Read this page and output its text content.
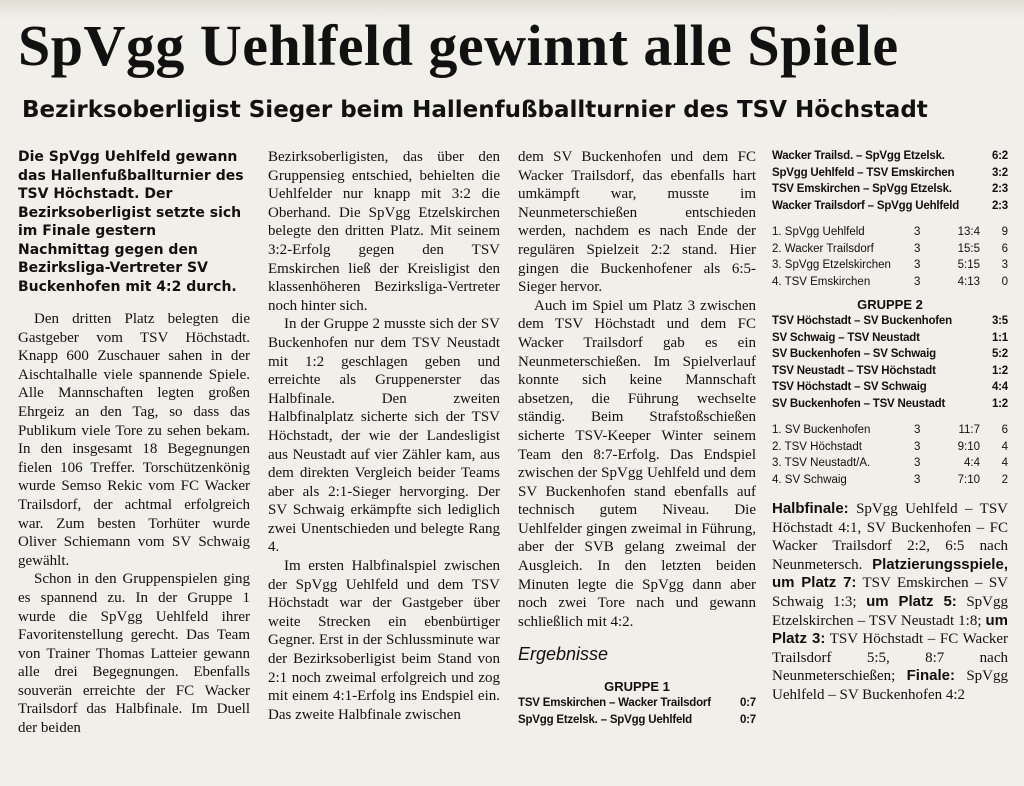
SpVgg Uehlfeld gewinnt alle Spiele
Bezirksoberligist Sieger beim Hallenfußballturnier des TSV Höchstadt

Die SpVgg Uehlfeld gewann das Hallenfußballturnier des TSV Höchstadt. Der Bezirksoberligist setzte sich im Finale gestern Nachmittag gegen den Bezirksliga-Vertreter SV Buckenhofen mit 4:2 durch.

Den dritten Platz belegten die Gastgeber vom TSV Höchstadt. Knapp 600 Zuschauer sahen in der Aischtalhalle viele spannende Spiele. Alle Mannschaften legten großen Ehrgeiz an den Tag, so dass das Publikum viele Tore zu sehen bekam. In den insgesamt 18 Begegnungen fielen 106 Treffer. Torschützenkönig wurde Semso Rekic vom FC Wacker Trailsdorf, der achtmal erfolgreich war. Zum besten Torhüter wurde Oliver Schiemann vom SV Schwaig gewählt.

Schon in den Gruppenspielen ging es spannend zu. In der Gruppe 1 wurde die SpVgg Uehlfeld ihrer Favoritenstellung gerecht. Das Team von Trainer Thomas Latteier gewann alle drei Begegnungen. Ebenfalls souverän erreichte der FC Wacker Trailsdorf das Halbfinale. Im Duell der beiden

Bezirksoberligisten, das über den Gruppensieg entschied, behielten die Uehlfelder nur knapp mit 3:2 die Oberhand. Die SpVgg Etzelskirchen belegte den dritten Platz. Mit seinem 3:2-Erfolg gegen den TSV Emskirchen ließ der Kreisligist den klassenhöheren Bezirksliga-Vertreter noch hinter sich.

In der Gruppe 2 musste sich der SV Buckenhofen nur dem TSV Neustadt mit 1:2 geschlagen geben und erreichte als Gruppenerster das Halbfinale. Den zweiten Halbfinalplatz sicherte sich der TSV Höchstadt, der wie der Landesligist aus Neustadt auf vier Zähler kam, aus dem direkten Vergleich beider Teams aber als 2:1-Sieger hervorging. Der SV Schwaig erkämpfte sich lediglich zwei Unentschieden und belegte Rang 4.

Im ersten Halbfinalspiel zwischen der SpVgg Uehlfeld und dem TSV Höchstadt war der Gastgeber über weite Strecken ein ebenbürtiger Gegner. Erst in der Schlussminute war der Bezirksoberligist beim Stand von 2:1 noch zweimal erfolgreich und zog mit einem 4:1-Erfolg ins Endspiel ein. Das zweite Halbfinale zwischen

dem SV Buckenhofen und dem FC Wacker Trailsdorf, das ebenfalls hart umkämpft war, musste im Neunmeterschießen entschieden werden, nachdem es nach Ende der regulären Spielzeit 2:2 stand. Hier gingen die Buckenhofener als 6:5-Sieger hervor.

Auch im Spiel um Platz 3 zwischen dem TSV Höchstadt und dem FC Wacker Trailsdorf gab es ein Neunmeterschießen. Im Spielverlauf konnte sich keine Mannschaft absetzen, die Führung wechselte ständig. Beim Strafstoßschießen sicherte TSV-Keeper Winter seinem Team den 8:7-Erfolg. Das Endspiel zwischen der SpVgg Uehlfeld und dem SV Buckenhofen stand ebenfalls auf technisch gutem Niveau. Die Uehlfelder gingen zweimal in Führung, aber der SVB gelang zweimal der Ausgleich. In den letzten beiden Minuten legte die SpVgg dann aber noch zwei Tore nach und gewann schließlich mit 4:2.

Ergebnisse

GRUPPE 1
TSV Emskirchen – Wacker Trailsdorf	0:7
SpVgg Etzelsk. – SpVgg Uehlfeld	0:7
Wacker Trailsd. – SpVgg Etzelsk.	6:2
SpVgg Uehlfeld – TSV Emskirchen	3:2
TSV Emskirchen – SpVgg Etzelsk.	2:3
Wacker Trailsdorf – SpVgg Uehlfeld	2:3
1. SpVgg Uehlfeld	3	13:4	9
2. Wacker Trailsdorf	3	15:5	6
3. SpVgg Etzelskirchen	3	5:15	3
4. TSV Emskirchen	3	4:13	0
GRUPPE 2
TSV Höchstadt – SV Buckenhofen	3:5
SV Schwaig – TSV Neustadt	1:1
SV Buckenhofen – SV Schwaig	5:2
TSV Neustadt – TSV Höchstadt	1:2
TSV Höchstadt – SV Schwaig	4:4
SV Buckenhofen – TSV Neustadt	1:2
1. SV Buckenhofen	3	11:7	6
2. TSV Höchstadt	3	9:10	4
3. TSV Neustadt/A.	3	4:4	4
4. SV Schwaig	3	7:10	2

Halbfinale: SpVgg Uehlfeld – TSV Höchstadt 4:1, SV Buckenhofen – FC Wacker Trailsdorf 2:2, 6:5 nach Neunmetersch. Platzierungsspiele, um Platz 7: TSV Emskirchen – SV Schwaig 1:3; um Platz 5: SpVgg Etzelskirchen – TSV Neustadt 1:8; um Platz 3: TSV Höchstadt – FC Wacker Trailsdorf 5:5, 8:7 nach Neunmeterschießen; Finale: SpVgg Uehlfeld – SV Buckenhofen 4:2
